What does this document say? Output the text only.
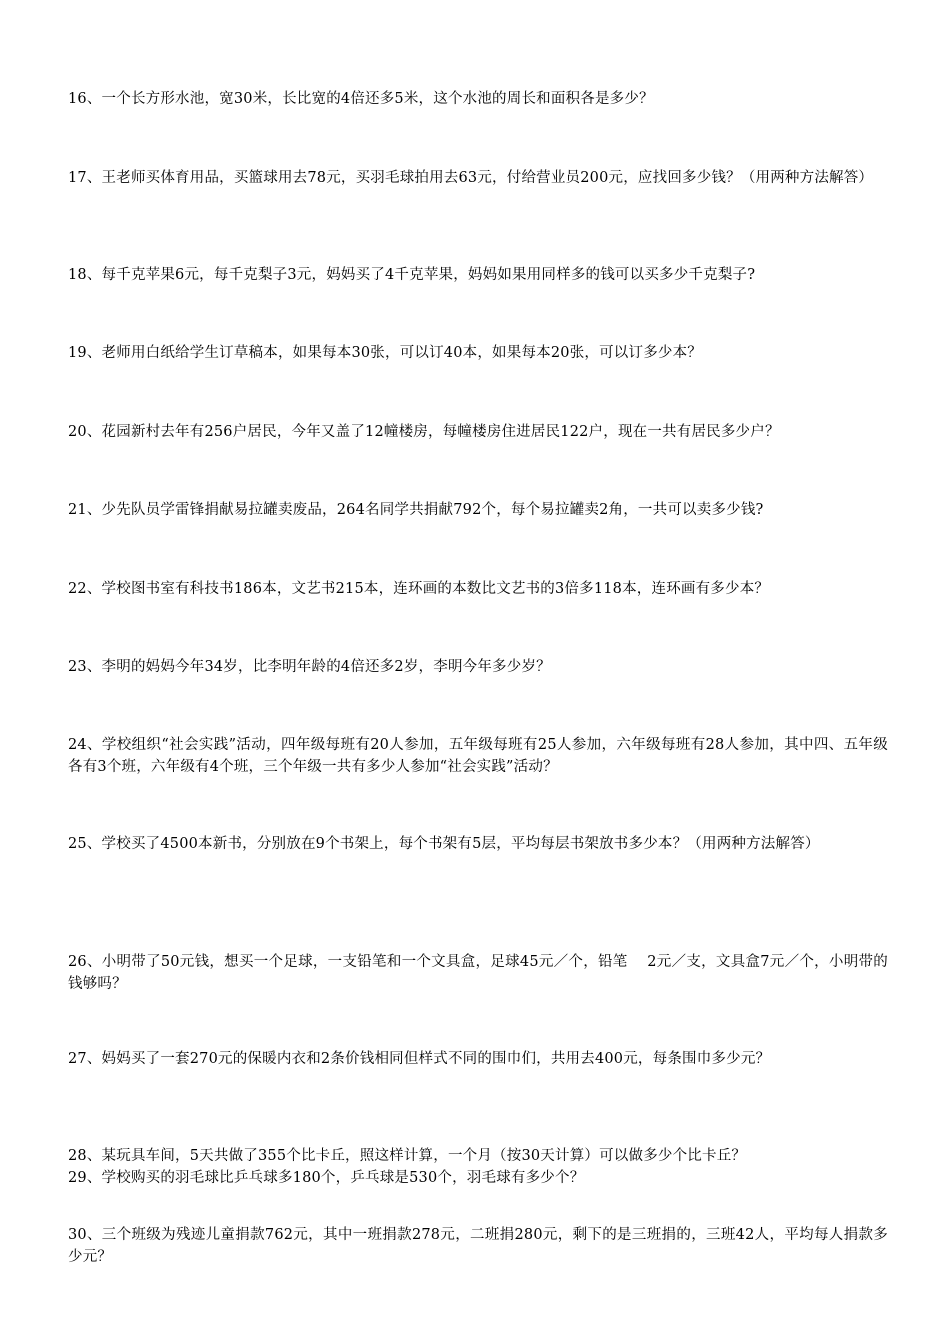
16、一个长方形水池，宽30米，长比宽的4倍还多5米，这个水池的周长和面积各是多少？

17、王老师买体育用品，买篮球用去78元，买羽毛球拍用去63元，付给营业员200元，应找回多少钱？（用两种方法解答）

18、每千克苹果6元，每千克梨子3元，妈妈买了4千克苹果，妈妈如果用同样多的钱可以买多少千克梨子?

19、老师用白纸给学生订草稿本，如果每本30张，可以订40本，如果每本20张，可以订多少本？

20、花园新村去年有256户居民，今年又盖了12幢楼房，每幢楼房住进居民122户，现在一共有居民多少户？

21、少先队员学雷锋捐献易拉罐卖废品，264名同学共捐献792个，每个易拉罐卖2角，一共可以卖多少钱?

22、学校图书室有科技书186本，文艺书215本，连环画的本数比文艺书的3倍多118本，连环画有多少本？

23、李明的妈妈今年34岁，比李明年龄的4倍还多2岁，李明今年多少岁？

24、学校组织“社会实践”活动，四年级每班有20人参加，五年级每班有25人参加，六年级每班有28人参加，其中四、五年级各有3个班，六年级有4个班，三个年级一共有多少人参加“社会实践”活动？

25、学校买了4500本新书，分别放在9个书架上，每个书架有5层，平均每层书架放书多少本？（用两种方法解答）

26、小明带了50元钱，想买一个足球，一支铅笔和一个文具盒，足球45元／个，铅笔　 2元／支，文具盒7元／个，小明带的钱够吗？

27、妈妈买了一套270元的保暖内衣和2条价钱相同但样式不同的围巾们，共用去400元，每条围巾多少元？

28、某玩具车间，5天共做了355个比卡丘，照这样计算，一个月（按30天计算）可以做多少个比卡丘？

29、学校购买的羽毛球比乒乓球多180个，乒乓球是530个，羽毛球有多少个？

30、三个班级为残迹儿童捐款762元，其中一班捐款278元，二班捐280元，剩下的是三班捐的，三班42人，平均每人捐款多少元？
